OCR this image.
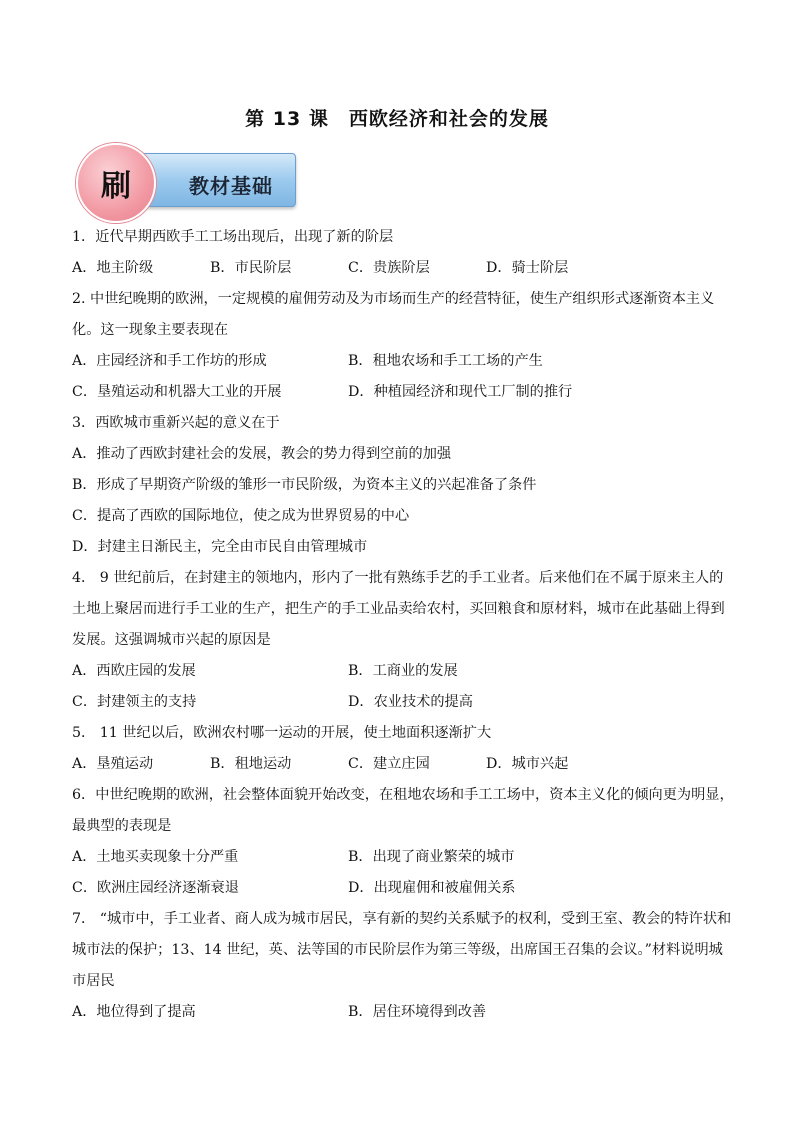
第 13 课　西欧经济和社会的发展
教材基础
刷

1．近代早期西欧手工工场出现后，出现了新的阶层

A．地主阶级	B．市民阶层	C．贵族阶层	D．骑士阶层

2. 中世纪晚期的欧洲，一定规模的雇佣劳动及为市场而生产的经营特征，使生产组织形式逐渐资本主义化。这一现象主要表现在

A．庄园经济和手工作坊的形成	B．租地农场和手工工场的产生
C．垦殖运动和机器大工业的开展	D．种植园经济和现代工厂制的推行

3．西欧城市重新兴起的意义在于

A．推动了西欧封建社会的发展，教会的势力得到空前的加强
B．形成了早期资产阶级的雏形一市民阶级，为资本主义的兴起准备了条件
C．提高了西欧的国际地位，使之成为世界贸易的中心
D．封建主日渐民主，完全由市民自由管理城市

4． 9 世纪前后，在封建主的领地内，形内了一批有熟练手艺的手工业者。后来他们在不属于原来主人的土地上聚居而进行手工业的生产，把生产的手工业品卖给农村，买回粮食和原材料，城市在此基础上得到发展。这强调城市兴起的原因是

A．西欧庄园的发展	B．工商业的发展
C．封建领主的支持	D．农业技术的提高

5． 11 世纪以后，欧洲农村哪一运动的开展，使土地面积逐渐扩大

A．垦殖运动	B．租地运动	C．建立庄园	D．城市兴起

6．中世纪晚期的欧洲，社会整体面貌开始改变，在租地农场和手工工场中，资本主义化的倾向更为明显，最典型的表现是

A．土地买卖现象十分严重	B．出现了商业繁荣的城市
C．欧洲庄园经济逐渐衰退	D．出现雇佣和被雇佣关系

7． “城市中，手工业者、商人成为城市居民，享有新的契约关系赋予的权利，受到王室、教会的特许状和城市法的保护；13、14 世纪，英、法等国的市民阶层作为第三等级，出席国王召集的会议。”材料说明城市居民

A．地位得到了提高	B．居住环境得到改善
